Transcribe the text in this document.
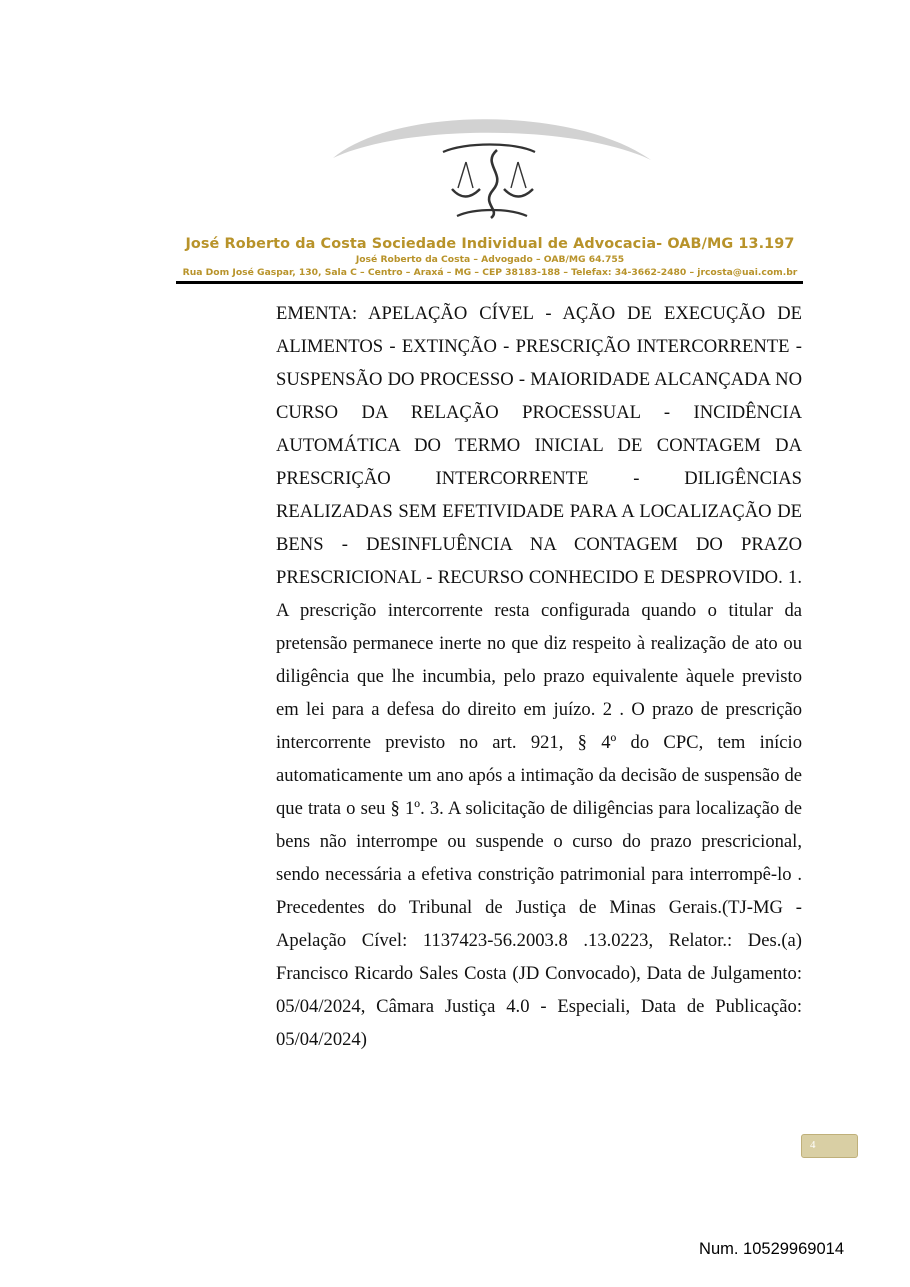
José Roberto da Costa Sociedade Individual de Advocacia- OAB/MG 13.197
José Roberto da Costa – Advogado – OAB/MG 64.755
Rua Dom José Gaspar, 130, Sala C – Centro – Araxá – MG – CEP 38183-188 – Telefax: 34-3662-2480 – jrcosta@uai.com.br

EMENTA: APELAÇÃO CÍVEL - AÇÃO DE EXECUÇÃO DE ALIMENTOS - EXTINÇÃO - PRESCRIÇÃO INTERCORRENTE - SUSPENSÃO DO PROCESSO - MAIORIDADE ALCANÇADA NO CURSO DA RELAÇÃO PROCESSUAL - INCIDÊNCIA AUTOMÁTICA DO TERMO INICIAL DE CONTAGEM DA PRESCRIÇÃO INTERCORRENTE - DILIGÊNCIAS REALIZADAS SEM EFETIVIDADE PARA A LOCALIZAÇÃO DE BENS - DESINFLUÊNCIA NA CONTAGEM DO PRAZO PRESCRICIONAL - RECURSO CONHECIDO E DESPROVIDO. 1. A prescrição intercorrente resta configurada quando o titular da pretensão permanece inerte no que diz respeito à realização de ato ou diligência que lhe incumbia, pelo prazo equivalente àquele previsto em lei para a defesa do direito em juízo. 2 . O prazo de prescrição intercorrente previsto no art. 921, § 4º do CPC, tem início automaticamente um ano após a intimação da decisão de suspensão de que trata o seu § 1º. 3. A solicitação de diligências para localização de bens não interrompe ou suspende o curso do prazo prescricional, sendo necessária a efetiva constrição patrimonial para interrompê-lo . Precedentes do Tribunal de Justiça de Minas Gerais.(TJ-MG - Apelação Cível: 1137423-56.2003.8 .13.0223, Relator.: Des.(a) Francisco Ricardo Sales Costa (JD Convocado), Data de Julgamento: 05/04/2024, Câmara Justiça 4.0 - Especiali, Data de Publicação: 05/04/2024)

4
Num. 10529969014
